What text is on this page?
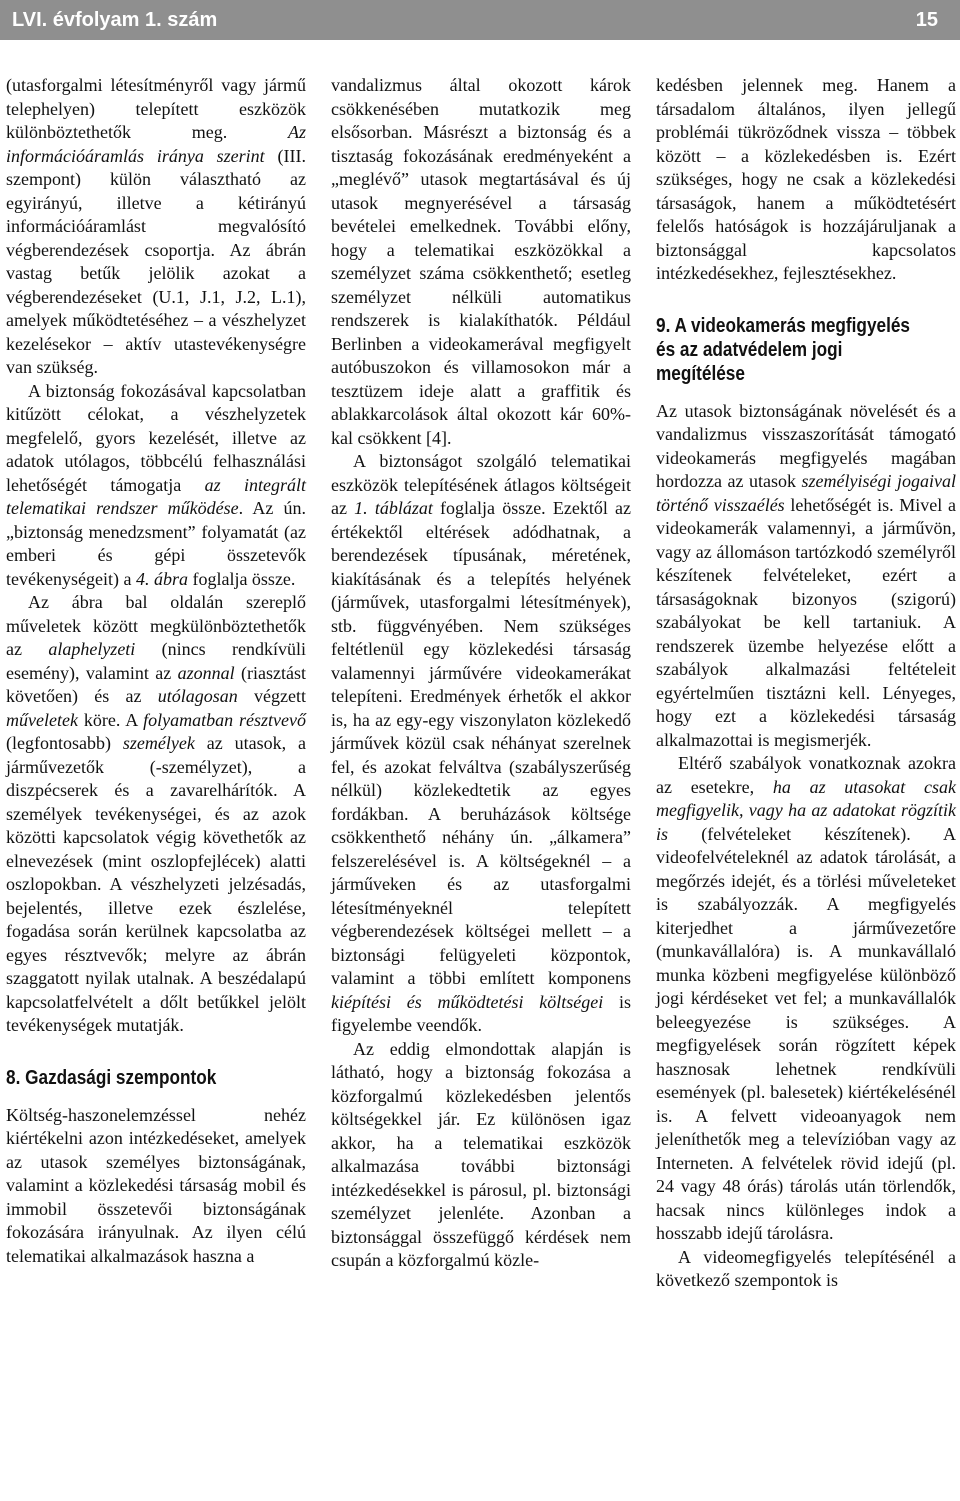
LVI. évfolyam 1. szám	15

(utasforgalmi létesítményről vagy jármű telephelyen) telepített eszközök különböztethetők meg. Az információáramlás iránya szerint (III. szempont) külön választható az egyirányú, illetve a kétirányú információáramlást megvalósító végberendezések csoportja. Az ábrán vastag betűk jelölik azokat a végberendezéseket (U.1, J.1, J.2, L.1), amelyek működtetéséhez – a vészhelyzet kezelésekor – aktív utastevékenységre van szükség.

A biztonság fokozásával kapcsolatban kitűzött célokat, a vészhelyzetek megfelelő, gyors kezelését, illetve az adatok utólagos, többcélú felhasználási lehetőségét támogatja az integrált telematikai rendszer működése. Az ún. „biztonság menedzsment” folyamatát (az emberi és gépi összetevők tevékenységeit) a 4. ábra foglalja össze.

Az ábra bal oldalán szereplő műveletek között megkülönböztethetők az alaphelyzeti (nincs rendkívüli esemény), valamint az azonnal (riasztást követően) és az utólagosan végzett műveletek köre. A folyamatban résztvevő (legfontosabb) személyek az utasok, a járművezetők (-személyzet), a diszpécserek és a zavarelhárítók. A személyek tevékenységei, és az azok közötti kapcsolatok végig követhetők az elnevezések (mint oszlopfejlécek) alatti oszlopokban. A vészhelyzeti jelzésadás, bejelentés, illetve ezek észlelése, fogadása során kerülnek kapcsolatba az egyes résztvevők; melyre az ábrán szaggatott nyilak utalnak. A beszédalapú kapcsolatfelvételt a dőlt betűkkel jelölt tevékenységek mutatják.

8. Gazdasági szempontok

Költség-haszonelemzéssel nehéz kiértékelni azon intézkedéseket, amelyek az utasok személyes biztonságának, valamint a közlekedési társaság mobil és immobil összetevői biztonságának fokozására irányulnak. Az ilyen célú telematikai alkalmazások haszna a

vandalizmus által okozott károk csökkenésében mutatkozik meg elsősorban. Másrészt a biztonság és a tisztaság fokozásának eredményeként a „meglévő” utasok megtartásával és új utasok megnyerésével a társaság bevételei emelkednek. További előny, hogy a telematikai eszközökkal a személyzet száma csökkenthető; esetleg személyzet nélküli automatikus rendszerek is kialakíthatók. Például Berlinben a videokamerával megfigyelt autóbuszokon és villamosokon már a tesztüzem ideje alatt a graffitik és ablakkarcolások által okozott kár 60%-kal csökkent [4].

A biztonságot szolgáló telematikai eszközök telepítésének átlagos költségeit az 1. táblázat foglalja össze. Ezektől az értékektől eltérések adódhatnak, a berendezések típusának, méretének, kiakításának és a telepítés helyének (járművek, utasforgalmi létesítmények), stb. függvényében. Nem szükséges feltétlenül egy közlekedési társaság valamennyi járművére videokamerákat telepíteni. Eredmények érhetők el akkor is, ha az egy-egy viszonylaton közlekedő járművek közül csak néhányat szerelnek fel, és azokat felváltva (szabályszerűség nélkül) közlekedtetik az egyes fordákban. A beruházások költsége csökkenthető néhány ún. „álkamera” felszerelésével is. A költségeknél – a járműveken és az utasforgalmi létesítményeknél telepített végberendezések költségei mellett – a biztonsági felügyeleti központok, valamint a többi említett komponens kiépítési és működtetési költségei is figyelembe veendők.

Az eddig elmondottak alapján is látható, hogy a biztonság fokozása a közforgalmú közlekedésben jelentős költségekkel jár. Ez különösen igaz akkor, ha a telematikai eszközök alkalmazása további biztonsági intézkedésekkel is párosul, pl. biztonsági személyzet jelenléte. Azonban a biztonsággal összefüggő kérdések nem csupán a közforgalmú közle-

kedésben jelennek meg. Hanem a társadalom általános, ilyen jellegű problémái tükröződnek vissza – többek között – a közlekedésben is. Ezért szükséges, hogy ne csak a közlekedési társaságok, hanem a működtetésért felelős hatóságok is hozzájáruljanak a biztonsággal kapcsolatos intézkedésekhez, fejlesztésekhez.

9. A videokamerás megfigyelés és az adatvédelem jogi megítélése

Az utasok biztonságának növelését és a vandalizmus visszaszorítását támogató videokamerás megfigyelés magában hordozza az utasok személyiségi jogaival történő visszaélés lehetőségét is. Mivel a videokamerák valamennyi, a járművön, vagy az állomáson tartózkodó személyről készítenek felvételeket, ezért a társaságoknak bizonyos (szigorú) szabályokat be kell tartaniuk. A rendszerek üzembe helyezése előtt a szabályok alkalmazási feltételeit egyértelműen tisztázni kell. Lényeges, hogy ezt a közlekedési társaság alkalmazottai is megismerjék.

Eltérő szabályok vonatkoznak azokra az esetekre, ha az utasokat csak megfigyelik, vagy ha az adatokat rögzítik is (felvételeket készítenek). A videofelvételeknél az adatok tárolását, a megőrzés idejét, és a törlési műveleteket is szabályozzák. A megfigyelés kiterjedhet a járművezetőre (munkavállalóra) is. A munkavállaló munka közbeni megfigyelése különböző jogi kérdéseket vet fel; a munkavállalók beleegyezése is szükséges. A megfigyelések során rögzített képek hasznosak lehetnek rendkívüli események (pl. balesetek) kiértékelésénél is. A felvett videoanyagok nem jeleníthetők meg a televízióban vagy az Interneten. A felvételek rövid idejű (pl. 24 vagy 48 órás) tárolás után törlendők, hacsak nincs különleges indok a hosszabb idejű tárolásra.

A videomegfigyelés telepítésénél a következő szempontok is
